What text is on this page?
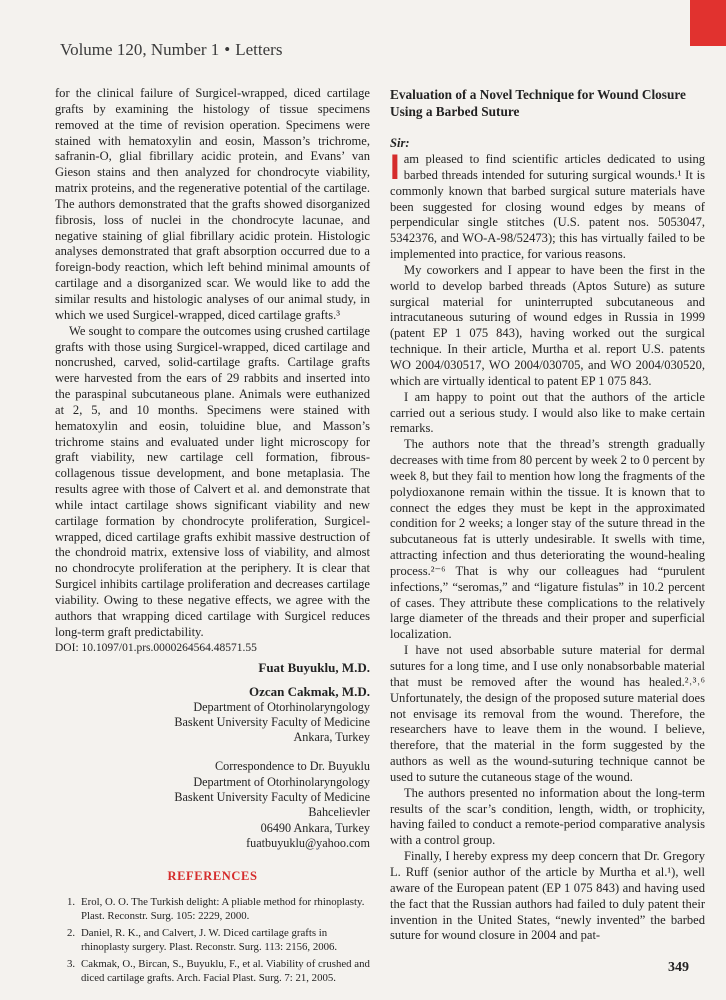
Volume 120, Number 1 • Letters

for the clinical failure of Surgicel-wrapped, diced cartilage grafts by examining the histology of tissue specimens removed at the time of revision operation. Specimens were stained with hematoxylin and eosin, Masson’s trichrome, safranin-O, glial fibrillary acidic protein, and Evans’ van Gieson stains and then analyzed for chondrocyte viability, matrix proteins, and the regenerative potential of the cartilage. The authors demonstrated that the grafts showed disorganized fibrosis, loss of nuclei in the chondrocyte lacunae, and negative staining of glial fibrillary acidic protein. Histologic analyses demonstrated that graft absorption occurred due to a foreign-body reaction, which left behind minimal amounts of cartilage and a disorganized scar. We would like to add the similar results and histologic analyses of our animal study, in which we used Surgicel-wrapped, diced cartilage grafts.³

We sought to compare the outcomes using crushed cartilage grafts with those using Surgicel-wrapped, diced cartilage and noncrushed, carved, solid-cartilage grafts. Cartilage grafts were harvested from the ears of 29 rabbits and inserted into the paraspinal subcutaneous plane. Animals were euthanized at 2, 5, and 10 months. Specimens were stained with hematoxylin and eosin, toluidine blue, and Masson’s trichrome stains and evaluated under light microscopy for graft viability, new cartilage cell formation, fibrous-collagenous tissue development, and bone metaplasia. The results agree with those of Calvert et al. and demonstrate that while intact cartilage shows significant viability and new cartilage formation by chondrocyte proliferation, Surgicel-wrapped, diced cartilage grafts exhibit massive destruction of the chondroid matrix, extensive loss of viability, and almost no chondrocyte proliferation at the periphery. It is clear that Surgicel inhibits cartilage proliferation and decreases cartilage viability. Owing to these negative effects, we agree with the authors that wrapping diced cartilage with Surgicel reduces long-term graft predictability.

DOI: 10.1097/01.prs.0000264564.48571.55
Fuat Buyuklu, M.D.
Ozcan Cakmak, M.D.
Department of Otorhinolaryngology
Baskent University Faculty of Medicine
Ankara, Turkey
Correspondence to Dr. Buyuklu
Department of Otorhinolaryngology
Baskent University Faculty of Medicine
Bahcelievler
06490 Ankara, Turkey
fuatbuyuklu@yahoo.com
REFERENCES
1. Erol, O. O. The Turkish delight: A pliable method for rhinoplasty. Plast. Reconstr. Surg. 105: 2229, 2000.
2. Daniel, R. K., and Calvert, J. W. Diced cartilage grafts in rhinoplasty surgery. Plast. Reconstr. Surg. 113: 2156, 2006.
3. Cakmak, O., Bircan, S., Buyuklu, F., et al. Viability of crushed and diced cartilage grafts. Arch. Facial Plast. Surg. 7: 21, 2005.
Evaluation of a Novel Technique for Wound Closure Using a Barbed Suture
Sir:

Iam pleased to find scientific articles dedicated to using barbed threads intended for suturing surgical wounds.¹ It is commonly known that barbed surgical suture materials have been suggested for closing wound edges by means of perpendicular single stitches (U.S. patent nos. 5053047, 5342376, and WO-A-98/52473); this has virtually failed to be implemented into practice, for various reasons.

My coworkers and I appear to have been the first in the world to develop barbed threads (Aptos Suture) as suture surgical material for uninterrupted subcutaneous and intracutaneous suturing of wound edges in Russia in 1999 (patent EP 1 075 843), having worked out the surgical technique. In their article, Murtha et al. report U.S. patents WO 2004/030517, WO 2004/030705, and WO 2004/030520, which are virtually identical to patent EP 1 075 843.

I am happy to point out that the authors of the article carried out a serious study. I would also like to make certain remarks.

The authors note that the thread’s strength gradually decreases with time from 80 percent by week 2 to 0 percent by week 8, but they fail to mention how long the fragments of the polydioxanone remain within the tissue. It is known that to connect the edges they must be kept in the approximated condition for 2 weeks; a longer stay of the suture thread in the subcutaneous fat is utterly undesirable. It swells with time, attracting infection and thus deteriorating the wound-healing process.²⁻⁶ That is why our colleagues had “purulent infections,” “seromas,” and “ligature fistulas” in 10.2 percent of cases. They attribute these complications to the relatively large diameter of the threads and their proper and superficial localization.

I have not used absorbable suture material for dermal sutures for a long time, and I use only nonabsorbable material that must be removed after the wound has healed.²˒³˒⁶ Unfortunately, the design of the proposed suture material does not envisage its removal from the wound. Therefore, the researchers have to leave them in the wound. I believe, therefore, that the material in the form suggested by the authors as well as the wound-suturing technique cannot be used to suture the cutaneous stage of the wound.

The authors presented no information about the long-term results of the scar’s condition, length, width, or trophicity, having failed to conduct a remote-period comparative analysis with a control group.

Finally, I hereby express my deep concern that Dr. Gregory L. Ruff (senior author of the article by Murtha et al.¹), well aware of the European patent (EP 1 075 843) and having used the fact that the Russian authors had failed to duly patent their invention in the United States, “newly invented” the barbed suture for wound closure in 2004 and pat-

349
